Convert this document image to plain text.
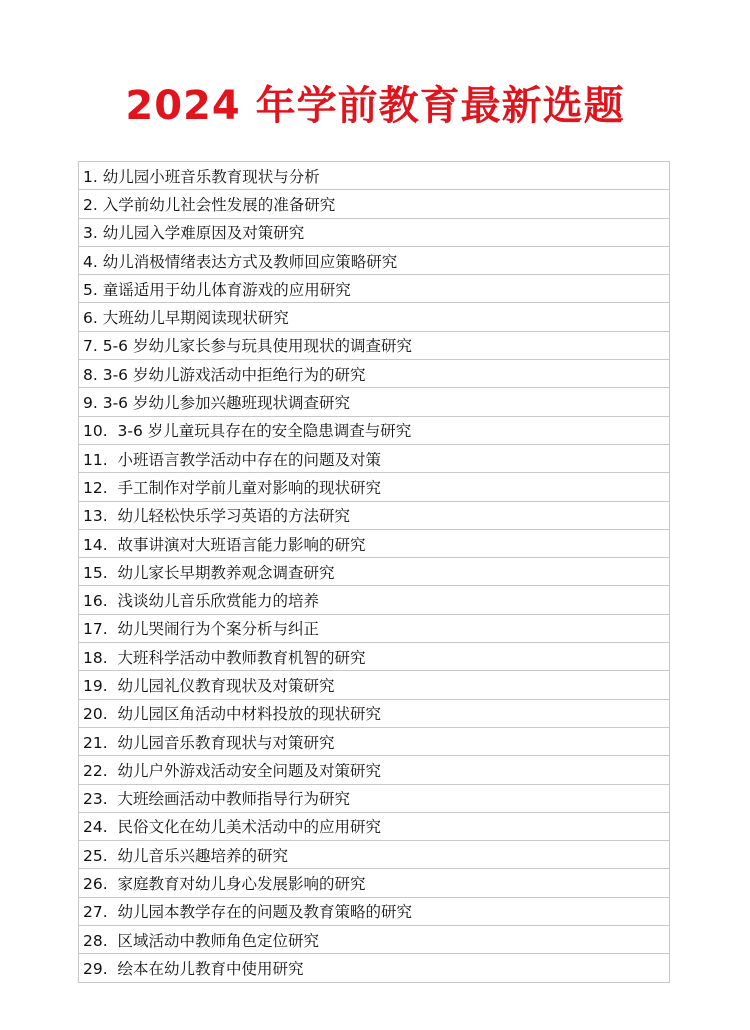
2024 年学前教育最新选题
1. 幼儿园小班音乐教育现状与分析
2. 入学前幼儿社会性发展的准备研究
3. 幼儿园入学难原因及对策研究
4. 幼儿消极情绪表达方式及教师回应策略研究
5. 童谣适用于幼儿体育游戏的应用研究
6. 大班幼儿早期阅读现状研究
7. 5-6 岁幼儿家长参与玩具使用现状的调查研究
8. 3-6 岁幼儿游戏活动中拒绝行为的研究
9. 3-6 岁幼儿参加兴趣班现状调查研究
10.  3-6 岁儿童玩具存在的安全隐患调查与研究
11.  小班语言教学活动中存在的问题及对策
12.  手工制作对学前儿童对影响的现状研究
13.  幼儿轻松快乐学习英语的方法研究
14.  故事讲演对大班语言能力影响的研究
15.  幼儿家长早期教养观念调查研究
16.  浅谈幼儿音乐欣赏能力的培养
17.  幼儿哭闹行为个案分析与纠正
18.  大班科学活动中教师教育机智的研究
19.  幼儿园礼仪教育现状及对策研究
20.  幼儿园区角活动中材料投放的现状研究
21.  幼儿园音乐教育现状与对策研究
22.  幼儿户外游戏活动安全问题及对策研究
23.  大班绘画活动中教师指导行为研究
24.  民俗文化在幼儿美术活动中的应用研究
25.  幼儿音乐兴趣培养的研究
26.  家庭教育对幼儿身心发展影响的研究
27.  幼儿园本教学存在的问题及教育策略的研究
28.  区域活动中教师角色定位研究
29.  绘本在幼儿教育中使用研究
